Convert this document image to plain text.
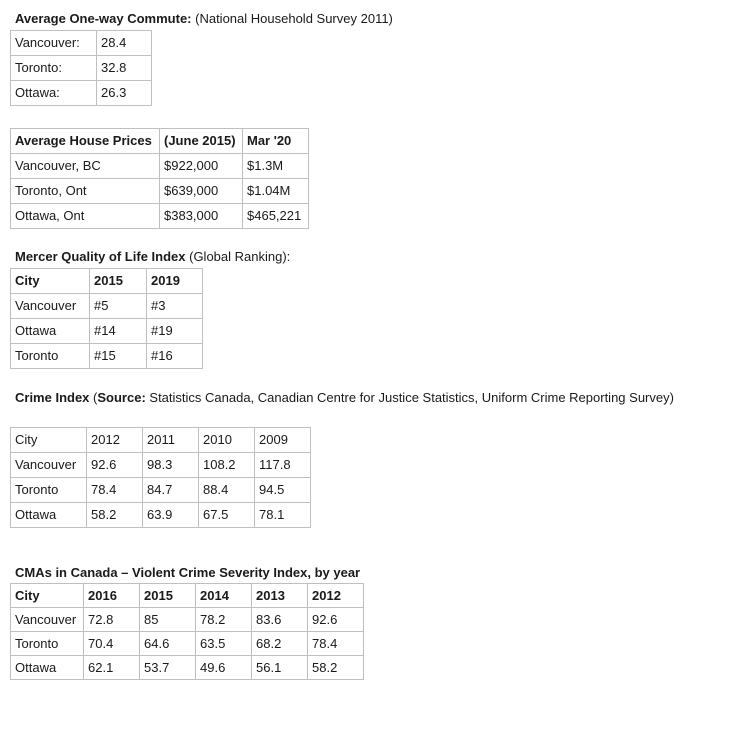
Average One-way Commute: (National Household Survey 2011)
Vancouver:	28.4
Toronto:	32.8
Ottawa:	26.3
Average House Prices	(June 2015)	Mar '20
Vancouver, BC	$922,000	$1.3M
Toronto, Ont	$639,000	$1.04M
Ottawa, Ont	$383,000	$465,221
Mercer Quality of Life Index (Global Ranking):
City	2015	2019
Vancouver	#5	#3
Ottawa	#14	#19
Toronto	#15	#16
Crime Index (Source: Statistics Canada, Canadian Centre for Justice Statistics, Uniform Crime Reporting Survey)
City	2012	2011	2010	2009
Vancouver	92.6	98.3	108.2	117.8
Toronto	78.4	84.7	88.4	94.5
Ottawa	58.2	63.9	67.5	78.1
CMAs in Canada – Violent Crime Severity Index, by year
City	2016	2015	2014	2013	2012
Vancouver	72.8	85	78.2	83.6	92.6
Toronto	70.4	64.6	63.5	68.2	78.4
Ottawa	62.1	53.7	49.6	56.1	58.2
